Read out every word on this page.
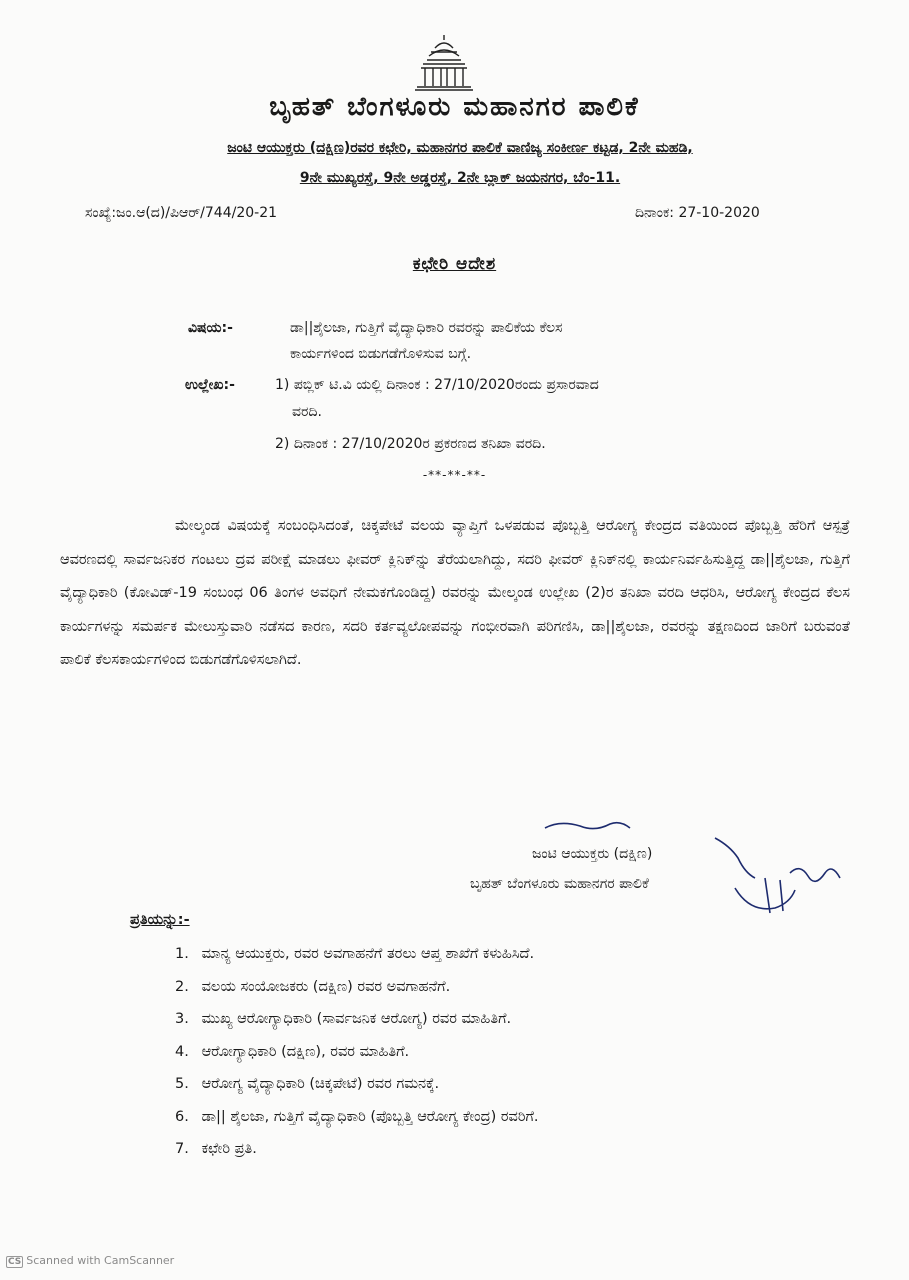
ಬೃಹತ್ ಬೆಂಗಳೂರು ಮಹಾನಗರ ಪಾಲಿಕೆ
ಜಂಟಿ ಆಯುಕ್ತರು (ದಕ್ಷಿಣ)ರವರ ಕಛೇರಿ, ಮಹಾನಗರ ಪಾಲಿಕೆ ವಾಣಿಜ್ಯ ಸಂಕೀರ್ಣ ಕಟ್ಟಡ, 2ನೇ ಮಹಡಿ,
9ನೇ ಮುಖ್ಯರಸ್ತೆ, 9ನೇ ಅಡ್ಡರಸ್ತೆ, 2ನೇ ಬ್ಲಾಕ್ ಜಯನಗರ, ಬೆಂ-11.
ಸಂಖ್ಯೆ:ಜಂ.ಆ(ದ)/ಪಿಆರ್/744/20-21	ದಿನಾಂಕ: 27-10-2020
ಕಛೇರಿ ಆದೇಶ
ವಿಷಯ:-	ಡಾ||ಶೈಲಜಾ, ಗುತ್ತಿಗೆ ವೈದ್ಯಾಧಿಕಾರಿ ರವರನ್ನು ಪಾಲಿಕೆಯ ಕೆಲಸ
ಕಾರ್ಯಗಳಿಂದ ಬಿಡುಗಡೆಗೊಳಿಸುವ ಬಗ್ಗೆ.
ಉಲ್ಲೇಖ:-	1) ಪಬ್ಲಿಕ್ ಟಿ.ವಿ ಯಲ್ಲಿ ದಿನಾಂಕ : 27/10/2020ರಂದು ಪ್ರಸಾರವಾದ
ವರದಿ.
2) ದಿನಾಂಕ : 27/10/2020ರ ಪ್ರಕರಣದ ತನಿಖಾ ವರದಿ.
-**-**-**-
ಮೇಲ್ಕಂಡ ವಿಷಯಕ್ಕೆ ಸಂಬಂಧಿಸಿದಂತೆ, ಚಿಕ್ಕಪೇಟೆ ವಲಯ ವ್ಯಾಪ್ತಿಗೆ ಒಳಪಡುವ ಪೊಬ್ಬತ್ತಿ ಆರೋಗ್ಯ ಕೇಂದ್ರದ ವತಿಯಿಂದ ಪೊಬ್ಬತ್ತಿ ಹೆರಿಗೆ ಆಸ್ಪತ್ರೆ ಆವರಣದಲ್ಲಿ ಸಾರ್ವಜನಿಕರ ಗಂಟಲು ದ್ರವ ಪರೀಕ್ಷೆ ಮಾಡಲು ಫೀವರ್ ಕ್ಲಿನಿಕ್‌ನ್ನು ತೆರೆಯಲಾಗಿದ್ದು, ಸದರಿ ಫೀವರ್ ಕ್ಲಿನಿಕ್‌ನಲ್ಲಿ ಕಾರ್ಯನಿರ್ವಹಿಸುತ್ತಿದ್ದ ಡಾ||ಶೈಲಜಾ, ಗುತ್ತಿಗೆ ವೈದ್ಯಾಧಿಕಾರಿ (ಕೋವಿಡ್-19 ಸಂಬಂಧ 06 ತಿಂಗಳ ಅವಧಿಗೆ ನೇಮಕಗೊಂಡಿದ್ದ) ರವರನ್ನು ಮೇಲ್ಕಂಡ ಉಲ್ಲೇಖ (2)ರ ತನಿಖಾ ವರದಿ ಆಧರಿಸಿ, ಆರೋಗ್ಯ ಕೇಂದ್ರದ ಕೆಲಸ ಕಾರ್ಯಗಳನ್ನು ಸಮರ್ಪಕ ಮೇಲುಸ್ತುವಾರಿ ನಡೆಸದ ಕಾರಣ, ಸದರಿ ಕರ್ತವ್ಯಲೋಪವನ್ನು ಗಂಭೀರವಾಗಿ ಪರಿಗಣಿಸಿ, ಡಾ||ಶೈಲಜಾ, ರವರನ್ನು ತಕ್ಷಣದಿಂದ ಜಾರಿಗೆ ಬರುವಂತೆ ಪಾಲಿಕೆ ಕೆಲಸಕಾರ್ಯಗಳಿಂದ ಬಿಡುಗಡೆಗೊಳಿಸಲಾಗಿದೆ.
ಜಂಟಿ ಆಯುಕ್ತರು (ದಕ್ಷಿಣ)
ಬೃಹತ್ ಬೆಂಗಳೂರು ಮಹಾನಗರ ಪಾಲಿಕೆ
ಪ್ರತಿಯನ್ನು:-
1. ಮಾನ್ಯ ಆಯುಕ್ತರು, ರವರ ಅವಗಾಹನೆಗೆ ತರಲು ಆಪ್ತ ಶಾಖೆಗೆ ಕಳುಹಿಸಿದೆ.
2. ವಲಯ ಸಂಯೋಜಕರು (ದಕ್ಷಿಣ) ರವರ ಅವಗಾಹನೆಗೆ.
3. ಮುಖ್ಯ ಆರೋಗ್ಯಾಧಿಕಾರಿ (ಸಾರ್ವಜನಿಕ ಆರೋಗ್ಯ) ರವರ ಮಾಹಿತಿಗೆ.
4. ಆರೋಗ್ಯಾಧಿಕಾರಿ (ದಕ್ಷಿಣ), ರವರ ಮಾಹಿತಿಗೆ.
5. ಆರೋಗ್ಯ ವೈದ್ಯಾಧಿಕಾರಿ (ಚಿಕ್ಕಪೇಟೆ) ರವರ ಗಮನಕ್ಕೆ.
6. ಡಾ|| ಶೈಲಜಾ, ಗುತ್ತಿಗೆ ವೈದ್ಯಾಧಿಕಾರಿ (ಪೊಬ್ಬತ್ತಿ ಆರೋಗ್ಯ ಕೇಂದ್ರ) ರವರಿಗೆ.
7. ಕಛೇರಿ ಪ್ರತಿ.
CS Scanned with CamScanner
